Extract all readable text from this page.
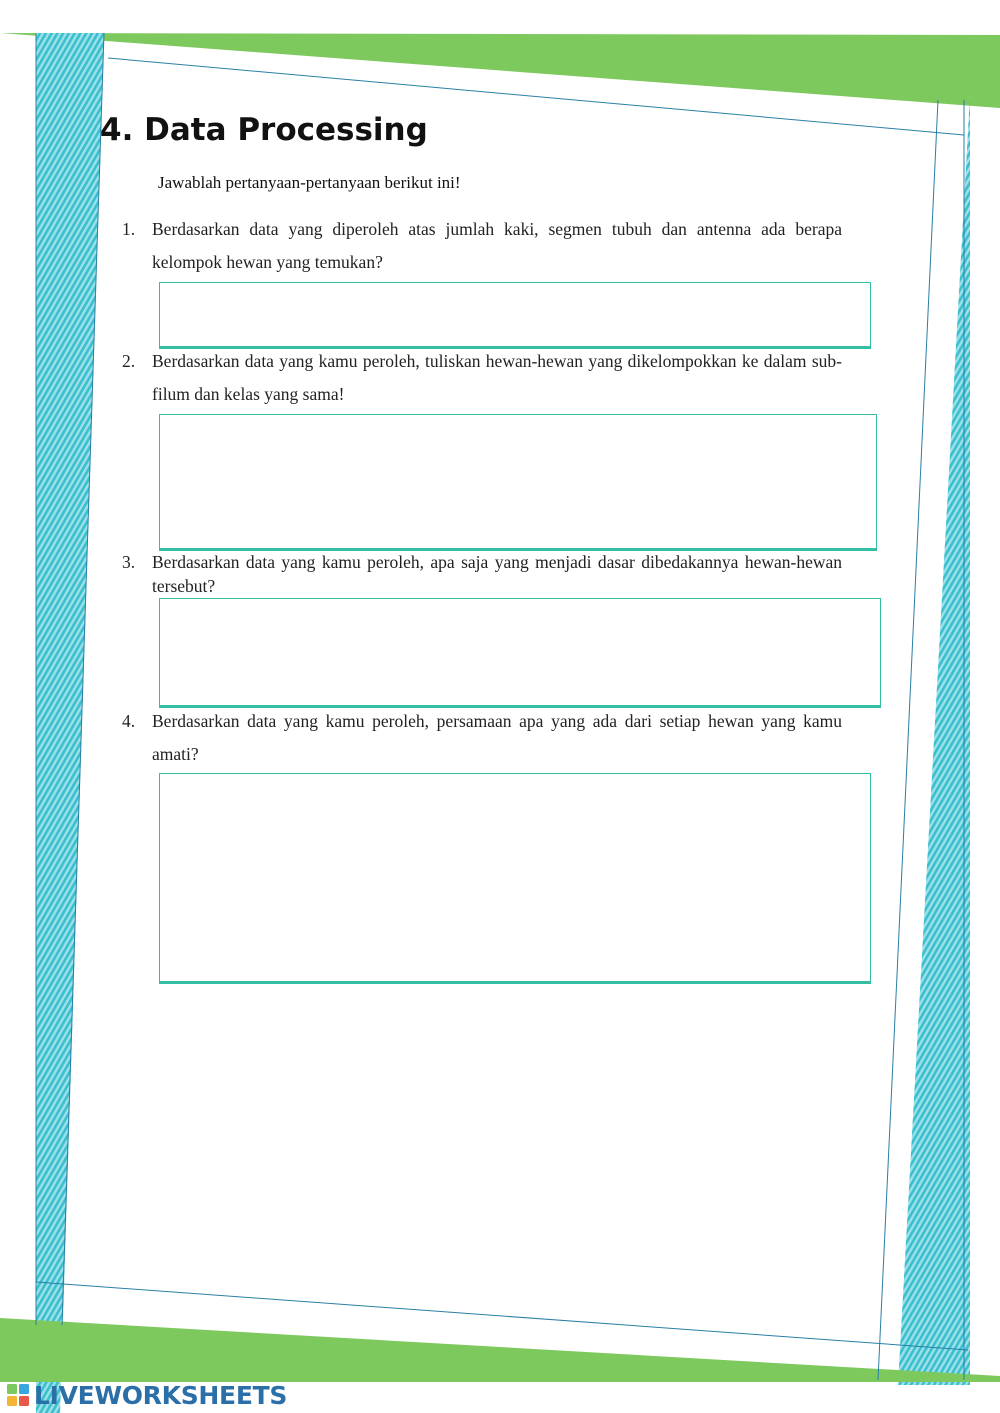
4. Data Processing
Jawablah pertanyaan-pertanyaan berikut ini!
1. Berdasarkan data yang diperoleh atas jumlah kaki, segmen tubuh dan antenna ada berapa kelompok hewan yang temukan?
2. Berdasarkan data yang kamu peroleh, tuliskan hewan-hewan yang dikelompokkan ke dalam sub-filum dan kelas yang sama!
3. Berdasarkan data yang kamu peroleh, apa saja yang menjadi dasar dibedakannya hewan-hewan tersebut?
4. Berdasarkan data yang kamu peroleh, persamaan apa yang ada dari setiap hewan yang kamu amati?
LIVEWORKSHEETS
